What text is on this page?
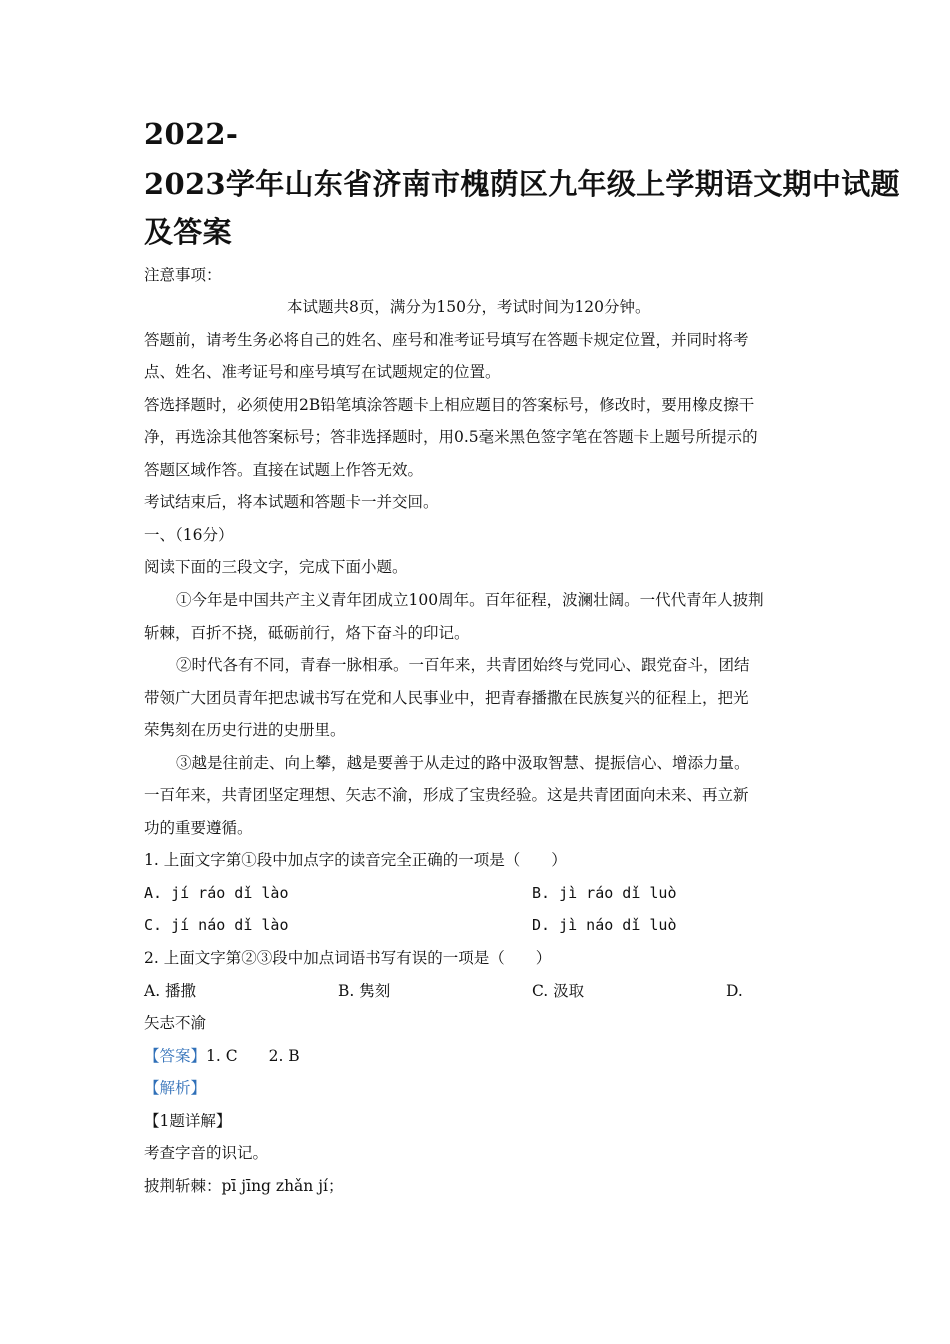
2022-
2023学年山东省济南市槐荫区九年级上学期语文期中试题
及答案
注意事项：
本试题共8页，满分为150分，考试时间为120分钟。
答题前，请考生务必将自己的姓名、座号和准考证号填写在答题卡规定位置，并同时将考
点、姓名、准考证号和座号填写在试题规定的位置。
答选择题时，必须使用2B铅笔填涂答题卡上相应题目的答案标号，修改时，要用橡皮擦干
净，再选涂其他答案标号；答非选择题时，用0.5毫米黑色签字笔在答题卡上题号所提示的
答题区域作答。直接在试题上作答无效。
考试结束后，将本试题和答题卡一并交回。
一、（16分）
阅读下面的三段文字，完成下面小题。
①今年是中国共产主义青年团成立100周年。百年征程，波澜壮阔。一代代青年人披荆
斩棘，百折不挠，砥砺前行，烙下奋斗的印记。
②时代各有不同，青春一脉相承。一百年来，共青团始终与党同心、跟党奋斗，团结
带领广大团员青年把忠诚书写在党和人民事业中，把青春播撒在民族复兴的征程上，把光
荣隽刻在历史行进的史册里。
③越是往前走、向上攀，越是要善于从走过的路中汲取智慧、提振信心、增添力量。
一百年来，共青团坚定理想、矢志不渝，形成了宝贵经验。这是共青团面向未来、再立新
功的重要遵循。
1. 上面文字第①段中加点字的读音完全正确的一项是（　　）
A. jí ráo dǐ lào	B. jì ráo dǐ luò
C. jí náo dǐ lào	D. jì náo dǐ luò
2. 上面文字第②③段中加点词语书写有误的一项是（　　）
A. 播撒	B. 隽刻	C. 汲取	D.
矢志不渝
【答案】1. C　　2. B
【解析】
【1题详解】
考查字音的识记。
披荆斩棘：pī jīng zhǎn jí；
